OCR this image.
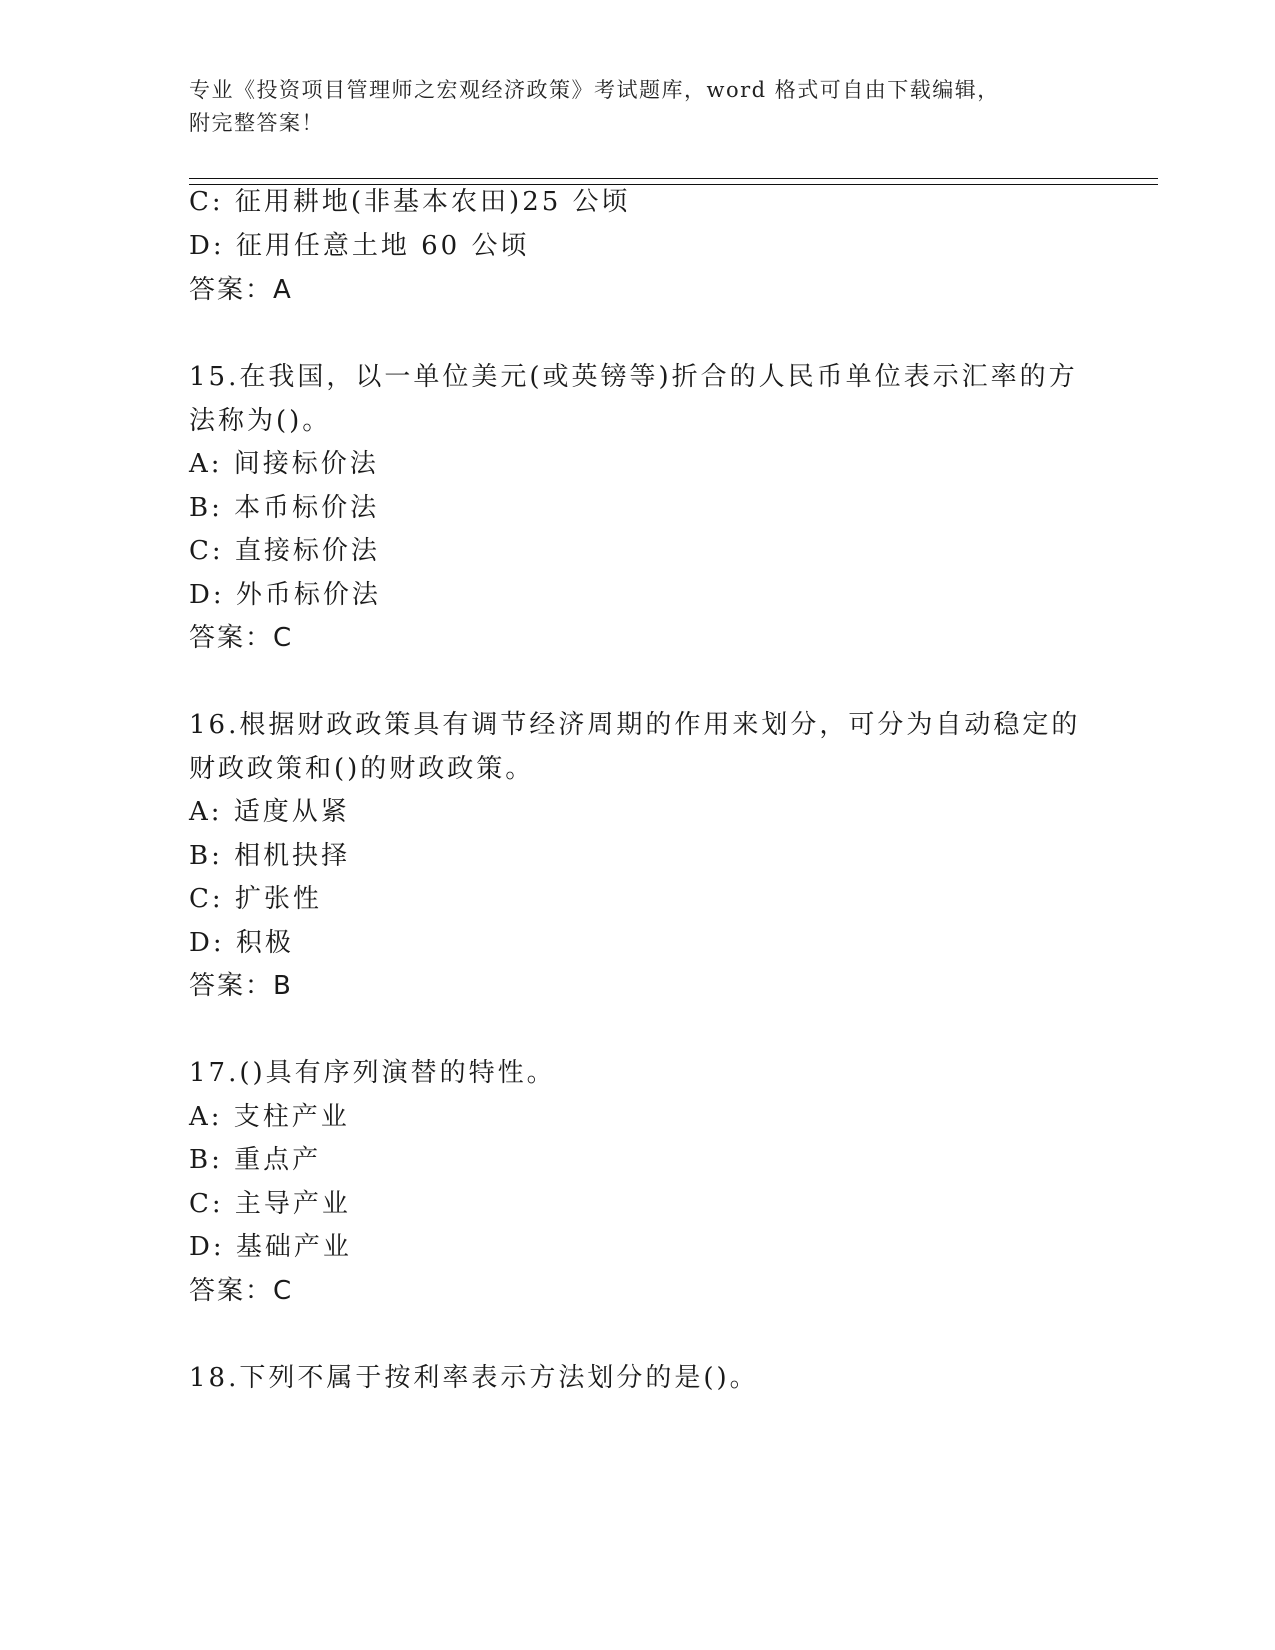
专业《投资项目管理师之宏观经济政策》考试题库，word 格式可自由下载编辑，
附完整答案！
C: 征用耕地(非基本农田)25 公顷
D: 征用任意土地 60 公顷
答案：A
15.在我国，以一单位美元(或英镑等)折合的人民币单位表示汇率的方
法称为()。
A: 间接标价法
B: 本币标价法
C: 直接标价法
D: 外币标价法
答案：C
16.根据财政政策具有调节经济周期的作用来划分，可分为自动稳定的
财政政策和()的财政政策。
A: 适度从紧
B: 相机抉择
C: 扩张性
D: 积极
答案：B
17.()具有序列演替的特性。
A: 支柱产业
B: 重点产
C: 主导产业
D: 基础产业
答案：C
18.下列不属于按利率表示方法划分的是()。
